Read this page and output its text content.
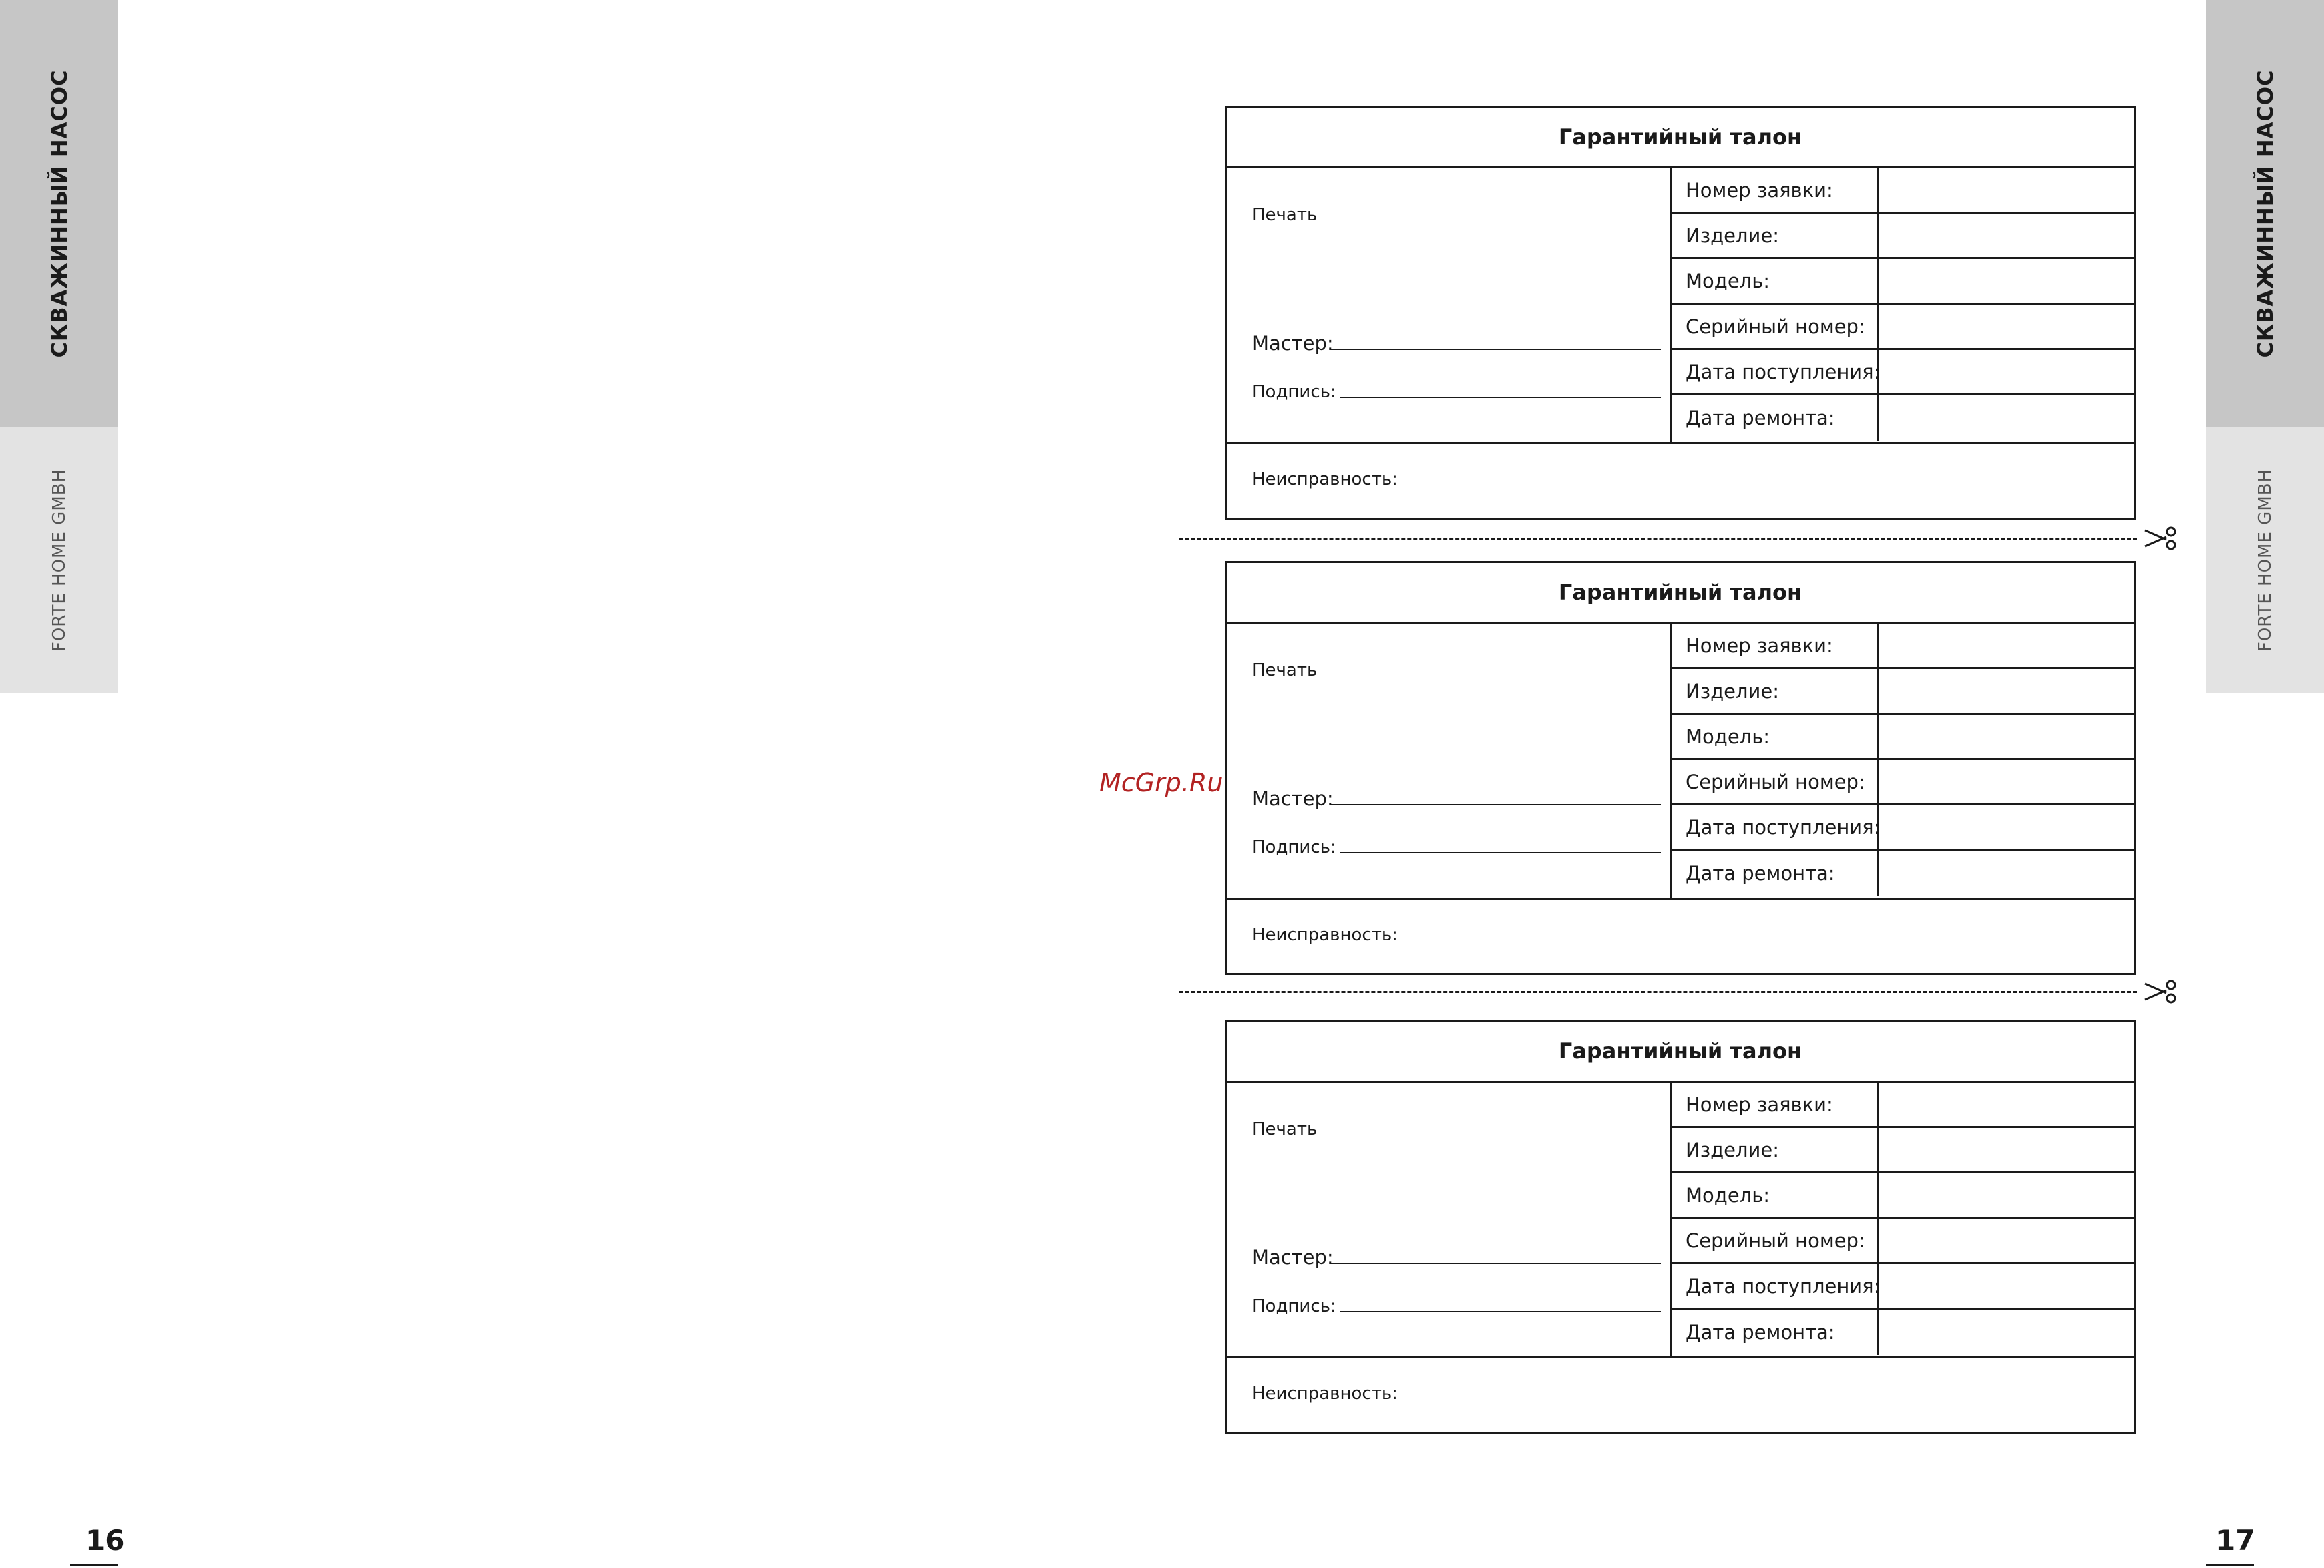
СКВАЖИННЫЙ НАСОС
FORTE HOME GMBH
СКВАЖИННЫЙ НАСОС
FORTE HOME GMBH
16	17
McGrp.Ru
Гарантийный талон
Печать
Мастер:
Подпись:
Номер заявки:
Изделие:
Модель:
Серийный номер:
Дата поступления:
Дата ремонта:
Неисправность:
Гарантийный талон
Печать
Мастер:
Подпись:
Номер заявки:
Изделие:
Модель:
Серийный номер:
Дата поступления:
Дата ремонта:
Неисправность:
Гарантийный талон
Печать
Мастер:
Подпись:
Номер заявки:
Изделие:
Модель:
Серийный номер:
Дата поступления:
Дата ремонта:
Неисправность:
